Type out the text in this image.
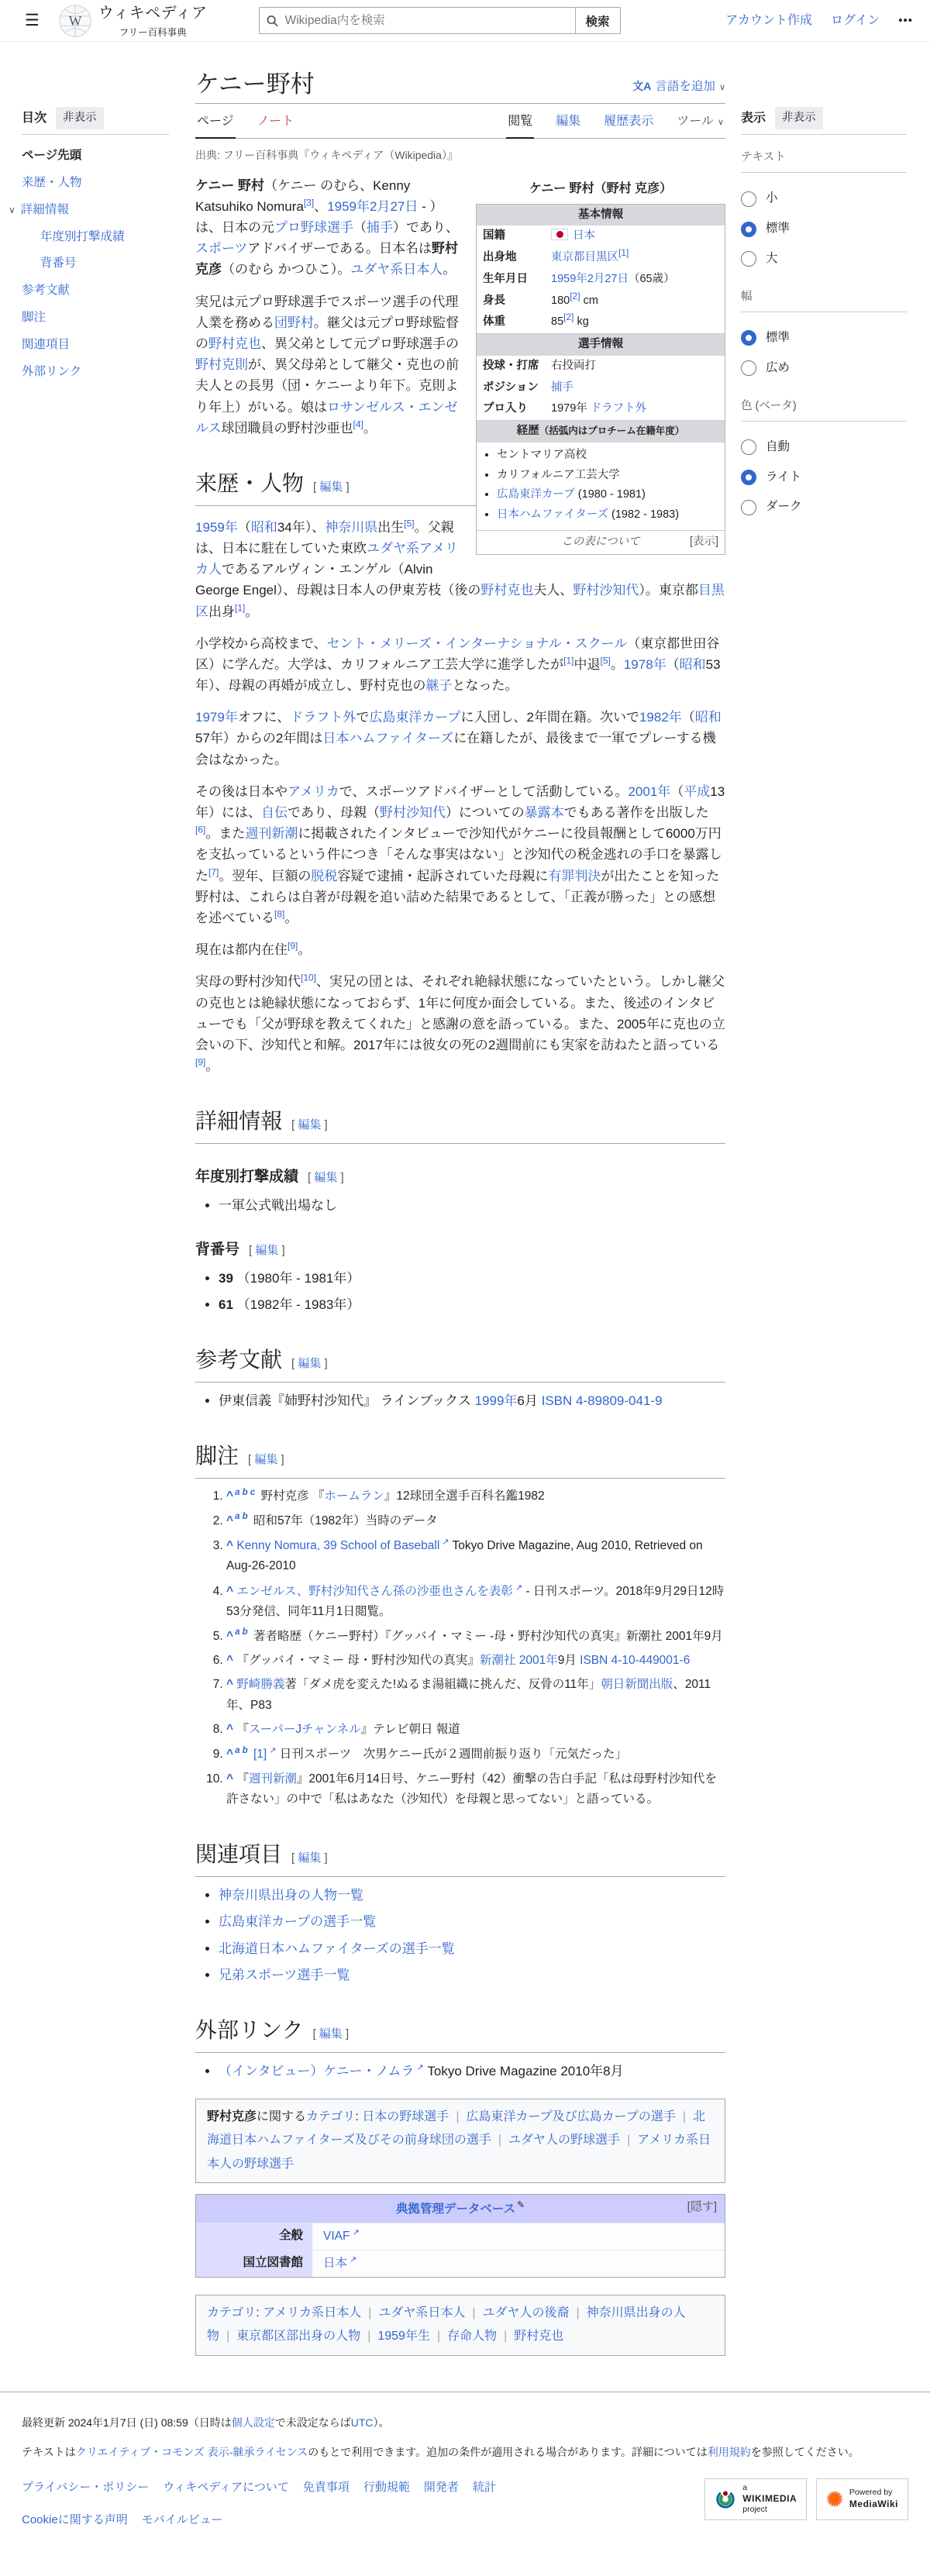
☰	W ウィキペディア
フリー百科事典
Wikipedia内を検索
検索	アカウント作成 ログイン •••
目次	非表示
ページ先頭
来歴・人物
∨ 詳細情報
年度別打撃成績
背番号
参考文献
脚注
関連項目
外部リンク
ケニー野村	文A 言語を追加 ∨
ページ ノート	閲覧 編集 履歴表示 ツール ∨
出典: フリー百科事典『ウィキペディア（Wikipedia）』
ケニー 野村（野村 克彦）
基本情報
国籍	日本
出身地	東京都目黒区[1]
生年月日	1959年2月27日（65歳）
身長	180[2] cm
体重	85[2] kg
選手情報
投球・打席	右投両打
ポジション	捕手
プロ入り	1979年 ドラフト外
経歴（括弧内はプロチーム在籍年度）
• セントマリア高校
• カリフォルニア工芸大学
• 広島東洋カープ (1980 - 1981)
• 日本ハムファイターズ (1982 - 1983)
この表について	[表示]

ケニー 野村（ケニー のむら、Kenny Katsuhiko Nomura[3]、1959年2月27日 - ）は、日本の元プロ野球選手（捕手）であり、スポーツアドバイザーである。日本名は野村 克彦（のむら かつひこ）。ユダヤ系日本人。

実兄は元プロ野球選手でスポーツ選手の代理人業を務める団野村。継父は元プロ野球監督の野村克也、異父弟として元プロ野球選手の野村克則が、異父母弟として継父・克也の前夫人との長男（団・ケニーより年下。克則より年上）がいる。娘はロサンゼルス・エンゼルス球団職員の野村沙亜也[4]。

来歴・人物 [ 編集 ]

1959年（昭和34年）、神奈川県出生[5]。父親は、日本に駐在していた東欧ユダヤ系アメリカ人であるアルヴィン・エンゲル（Alvin George Engel）、母親は日本人の伊東芳枝（後の野村克也夫人、野村沙知代）。東京都目黒区出身[1]。

小学校から高校まで、セント・メリーズ・インターナショナル・スクール（東京都世田谷区）に学んだ。大学は、カリフォルニア工芸大学に進学したが[1]中退[5]。1978年（昭和53年）、母親の再婚が成立し、野村克也の継子となった。

1979年オフに、ドラフト外で広島東洋カープに入団し、2年間在籍。次いで1982年（昭和57年）からの2年間は日本ハムファイターズに在籍したが、最後まで一軍でプレーする機会はなかった。

その後は日本やアメリカで、スポーツアドバイザーとして活動している。2001年（平成13年）には、自伝であり、母親（野村沙知代）についての暴露本でもある著作を出版した[6]。また週刊新潮に掲載されたインタビューで沙知代がケニーに役員報酬として6000万円を支払っているという件につき「そんな事実はない」と沙知代の税金逃れの手口を暴露した[7]。翌年、巨額の脱税容疑で逮捕・起訴されていた母親に有罪判決が出たことを知った野村は、これらは自著が母親を追い詰めた結果であるとして、「正義が勝った」との感想を述べている[8]。

現在は都内在住[9]。

実母の野村沙知代[10]、実兄の団とは、それぞれ絶縁状態になっていたという。しかし継父の克也とは絶縁状態になっておらず、1年に何度か面会している。また、後述のインタビューでも「父が野球を教えてくれた」と感謝の意を語っている。また、2005年に克也の立会いの下、沙知代と和解。2017年には彼女の死の2週間前にも実家を訪ねたと語っている[9]。

詳細情報 [ 編集 ]
年度別打撃成績 [ 編集 ]
• 一軍公式戦出場なし
背番号 [ 編集 ]
• 39 （1980年 - 1981年）
• 61 （1982年 - 1983年）
参考文献 [ 編集 ]
• 伊東信義『姉野村沙知代』 ラインブックス 1999年6月 ISBN 4-89809-041-9
脚注 [ 編集 ]
1. ^ $^{a b c}$ 野村克彦 『ホームラン』12球団全選手百科名鑑1982
2. ^ $^{a b}$ 昭和57年（1982年）当時のデータ
3. ^ Kenny Nomura, 39 School of Baseball ↗ Tokyo Drive Magazine, Aug 2010, Retrieved on Aug-26-2010
4. ^ エンゼルス、野村沙知代さん孫の沙亜也さんを表彰 ↗ - 日刊スポーツ。2018年9月29日12時53分発信、同年11月1日閲覧。
5. ^ $^{a b}$ 著者略歴（ケニー野村）『グッバイ・マミー -母・野村沙知代の真実』新潮社 2001年9月
6. ^ 『グッバイ・マミー 母・野村沙知代の真実』新潮社 2001年9月 ISBN 4-10-449001-6
7. ^ 野崎勝義著「ダメ虎を変えた!ぬるま湯組織に挑んだ、反骨の11年」朝日新聞出版、2011年、P83
8. ^ 『スーパーJチャンネル』テレビ朝日 報道
9. ^ $^{a b}$ [1] ↗ 日刊スポーツ　次男ケニー氏が２週間前振り返り「元気だった」
10. ^ 『週刊新潮』2001年6月14日号、ケニー野村（42）衝撃の告白手記「私は母野村沙知代を許さない」の中で「私はあなた（沙知代）を母親と思ってない」と語っている。
関連項目 [ 編集 ]
• 神奈川県出身の人物一覧
• 広島東洋カープの選手一覧
• 北海道日本ハムファイターズの選手一覧
• 兄弟スポーツ選手一覧
外部リンク [ 編集 ]
• （インタビュー）ケニー・ノムラ ↗ Tokyo Drive Magazine 2010年8月
野村克彦に関するカテゴリ: 日本の野球選手 | 広島東洋カープ及び広島カープの選手 | 北海道日本ハムファイターズ及びその前身球団の選手 | ユダヤ人の野球選手 | アメリカ系日本人の野球選手
典拠管理データベース ✎	[隠す]
全般	VIAF ↗
国立図書館	日本 ↗
カテゴリ: アメリカ系日本人 | ユダヤ系日本人 | ユダヤ人の後裔 | 神奈川県出身の人物 | 東京都区部出身の人物 | 1959年生 | 存命人物 | 野村克也
表示	非表示
テキスト
小
標準
大
幅
標準
広め
色 (ベータ)
自動
ライト
ダーク

最終更新 2024年1月7日 (日) 08:59（日時は個人設定で未設定ならばUTC）。

テキストはクリエイティブ・コモンズ 表示-継承ライセンスのもとで利用できます。追加の条件が適用される場合があります。詳細については利用規約を参照してください。

プライバシー・ポリシー ウィキペディアについて 免責事項 行動規範 開発者 統計
Cookieに関する声明 モバイルビュー
a
WIKIMEDIA
project	✺ Powered by
MediaWiki
